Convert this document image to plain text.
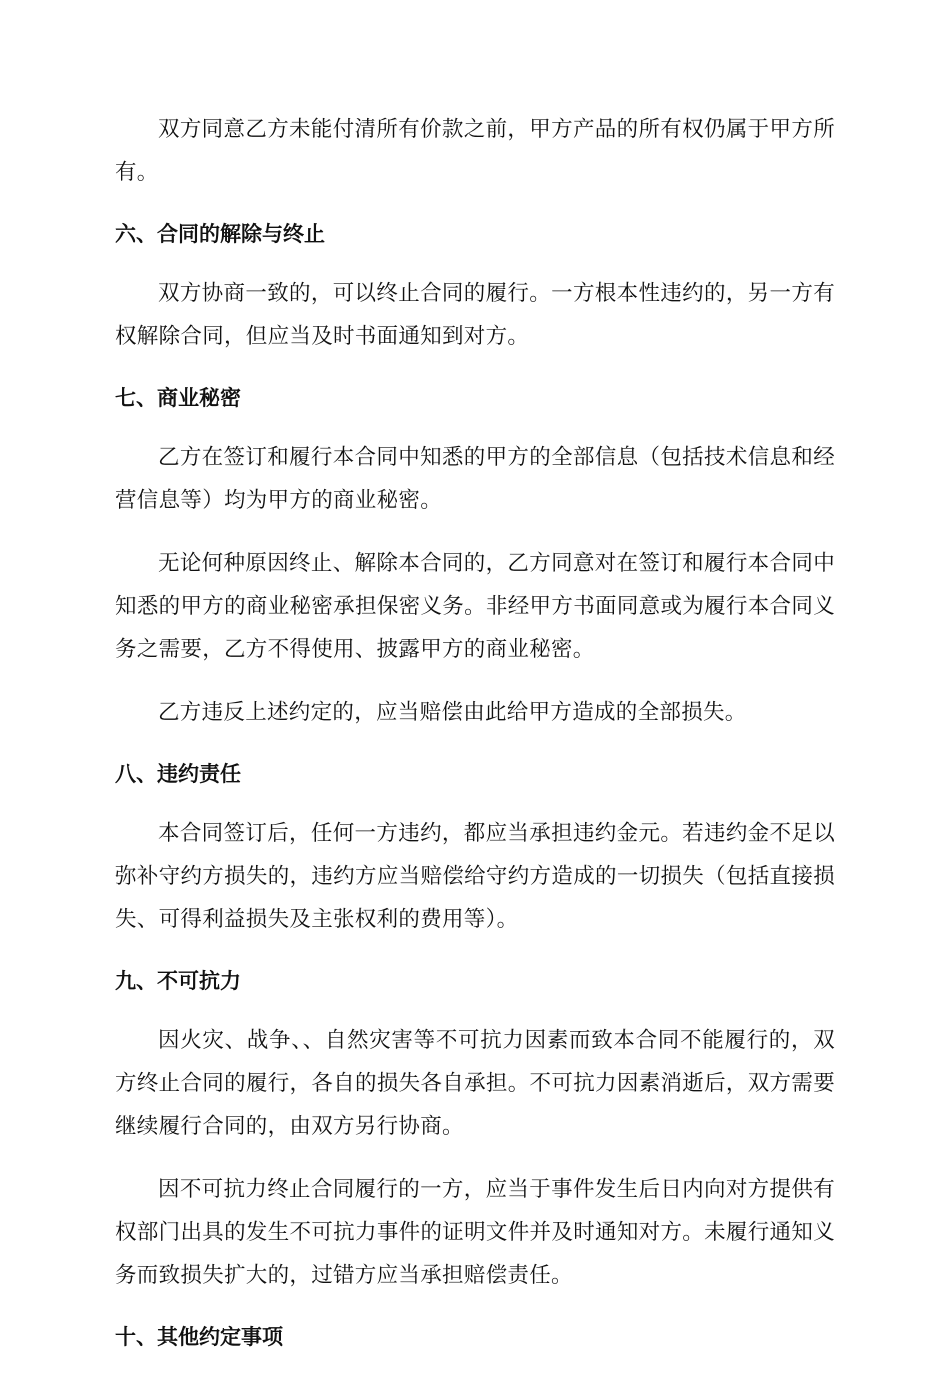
双方同意乙方未能付清所有价款之前，甲方产品的所有权仍属于甲方所有。

六、合同的解除与终止

双方协商一致的，可以终止合同的履行。一方根本性违约的，另一方有权解除合同，但应当及时书面通知到对方。

七、商业秘密

乙方在签订和履行本合同中知悉的甲方的全部信息（包括技术信息和经营信息等）均为甲方的商业秘密。

无论何种原因终止、解除本合同的，乙方同意对在签订和履行本合同中知悉的甲方的商业秘密承担保密义务。非经甲方书面同意或为履行本合同义务之需要，乙方不得使用、披露甲方的商业秘密。

乙方违反上述约定的，应当赔偿由此给甲方造成的全部损失。

八、违约责任

本合同签订后，任何一方违约，都应当承担违约金元。若违约金不足以弥补守约方损失的，违约方应当赔偿给守约方造成的一切损失（包括直接损失、可得利益损失及主张权利的费用等）。

九、不可抗力

因火灾、战争、、自然灾害等不可抗力因素而致本合同不能履行的，双方终止合同的履行，各自的损失各自承担。不可抗力因素消逝后，双方需要继续履行合同的，由双方另行协商。

因不可抗力终止合同履行的一方，应当于事件发生后日内向对方提供有权部门出具的发生不可抗力事件的证明文件并及时通知对方。未履行通知义务而致损失扩大的，过错方应当承担赔偿责任。

十、其他约定事项
